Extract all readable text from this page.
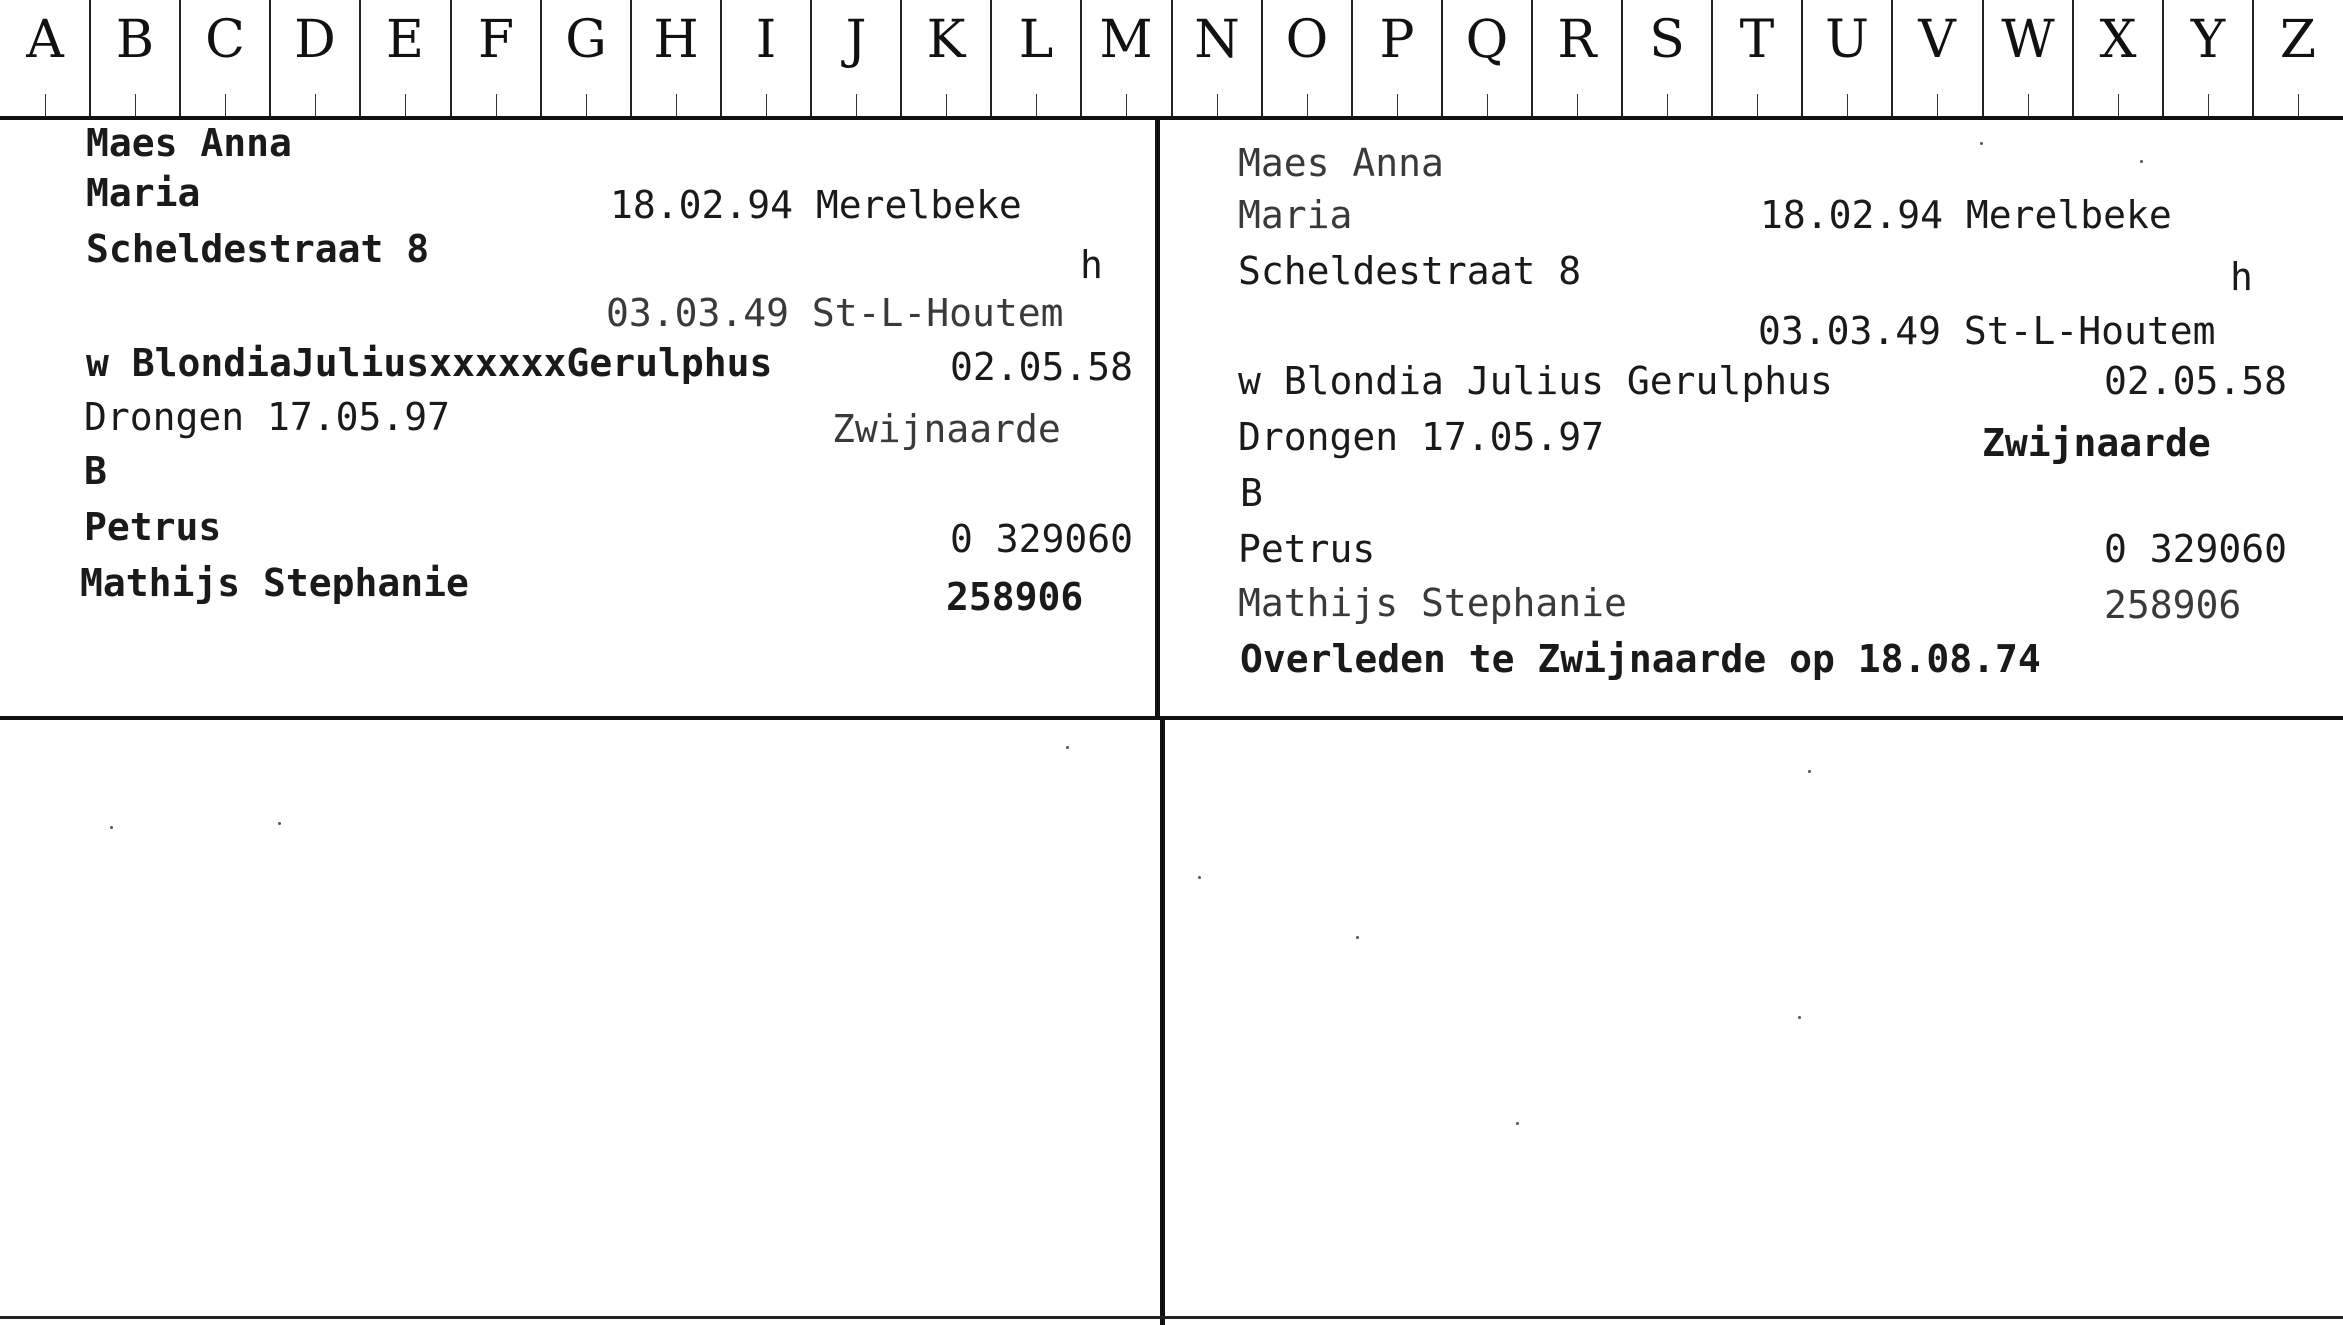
A	B C D E	F G H	I	J	K	L M N O P Q R	S	T U V W X	Y	Z
Maes Anna
Maria	18.02.94 Merelbeke
Scheldestraat 8	h
03.03.49 St-L-Houtem
w BlondiaJuliusxxxxxxGerulphus	02.05.58
Drongen 17.05.97	Zwijnaarde
B
Petrus	0 329060
Mathijs Stephanie	258906
Maes Anna
Maria	18.02.94 Merelbeke
Scheldestraat 8	h
03.03.49 St-L-Houtem
w Blondia Julius Gerulphus	02.05.58
Drongen 17.05.97	Zwijnaarde
B
Petrus	0 329060
Mathijs Stephanie	258906
Overleden te Zwijnaarde op 18.08.74
